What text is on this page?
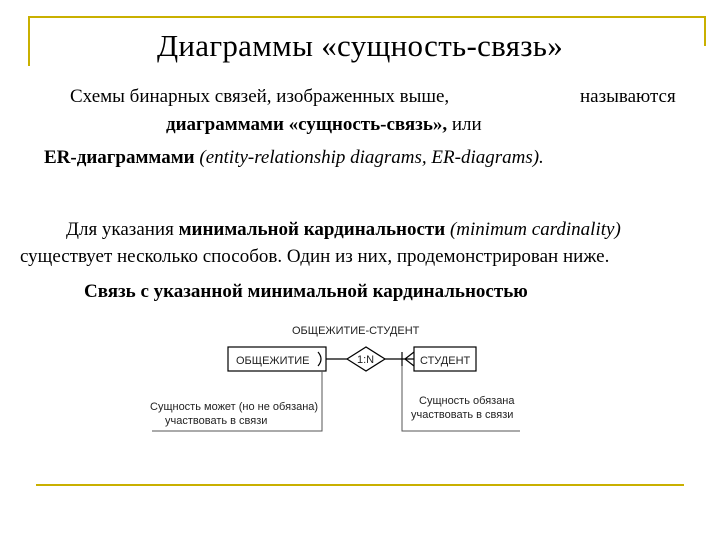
Диаграммы «сущность-связь»
Схемы бинарных связей, изображенных выше,	называются
диаграммами «сущность-связь», или
ER-диаграммами (entity-relationship diagrams, ER-diagrams).
Для указания минимальной кардинальности (minimum cardinality)
существует несколько способов. Один из них, продемонстрирован ниже.
Связь с указанной минимальной кардинальностью
ОБЩЕЖИТИЕ-СТУДЕНТ
ОБЩЕЖИТИЕ	1:N	СТУДЕНТ
Сущность может (но не обязана)
участвовать в связи
Сущность обязана
участвовать в связи
